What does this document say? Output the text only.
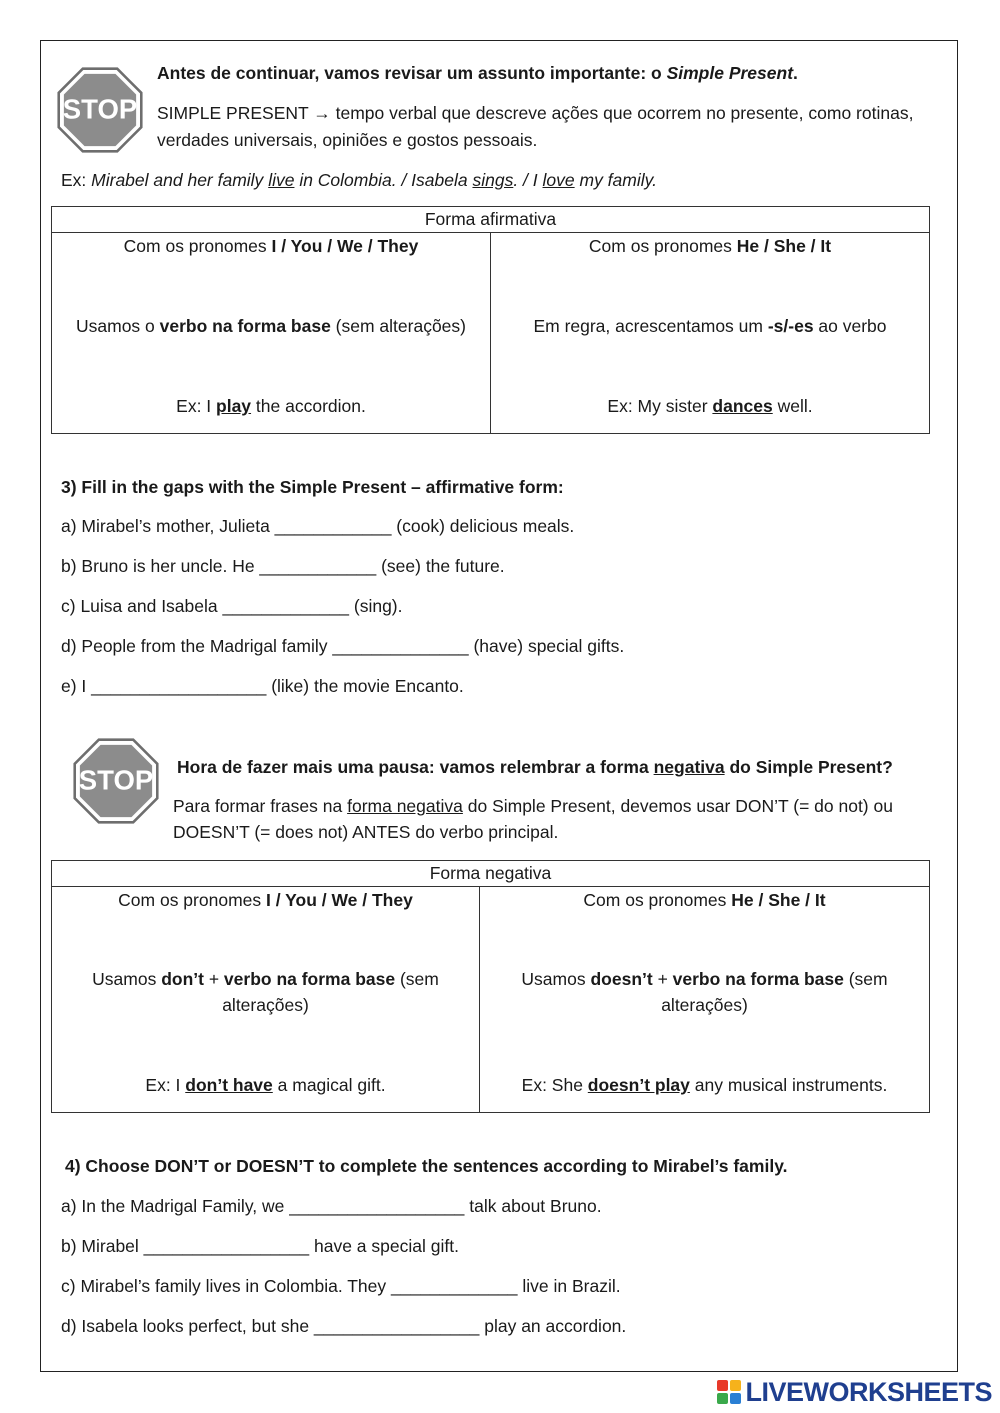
STOP
Antes de continuar, vamos revisar um assunto importante: o Simple Present.
SIMPLE PRESENT → tempo verbal que descreve ações que ocorrem no presente, como rotinas,
verdades universais, opiniões e gostos pessoais.
Ex: Mirabel and her family live in Colombia. / Isabela sings. / I love my family.
Forma afirmativa

Com os pronomes I / You / We / They
Usamos o verbo na forma base (sem alterações)
Ex: I play the accordion.

Com os pronomes He / She / It
Em regra, acrescentamos um -s/-es ao verbo
Ex: My sister dances well.
3) Fill in the gaps with the Simple Present – affirmative form:
a) Mirabel’s mother, Julieta ____________ (cook) delicious meals.
b) Bruno is her uncle. He ____________ (see) the future.
c) Luisa and Isabela _____________ (sing).
d) People from the Madrigal family ______________ (have) special gifts.
e) I __________________ (like) the movie Encanto.
STOP Hora de fazer mais uma pausa: vamos relembrar a forma negativa do Simple Present?
Para formar frases na forma negativa do Simple Present, devemos usar DON’T (= do not) ou
DOESN’T (= does not) ANTES do verbo principal.
Forma negativa

Com os pronomes I / You / We / They
Usamos don’t + verbo na forma base (sem
alterações)
Ex: I don’t have a magical gift.

Com os pronomes He / She / It
Usamos doesn’t + verbo na forma base (sem
alterações)
Ex: She doesn’t play any musical instruments.
4) Choose DON’T or DOESN’T to complete the sentences according to Mirabel’s family.
a) In the Madrigal Family, we __________________ talk about Bruno.
b) Mirabel _________________ have a special gift.
c) Mirabel’s family lives in Colombia. They _____________ live in Brazil.
d) Isabela looks perfect, but she _________________ play an accordion.
LIVEWORKSHEETS
